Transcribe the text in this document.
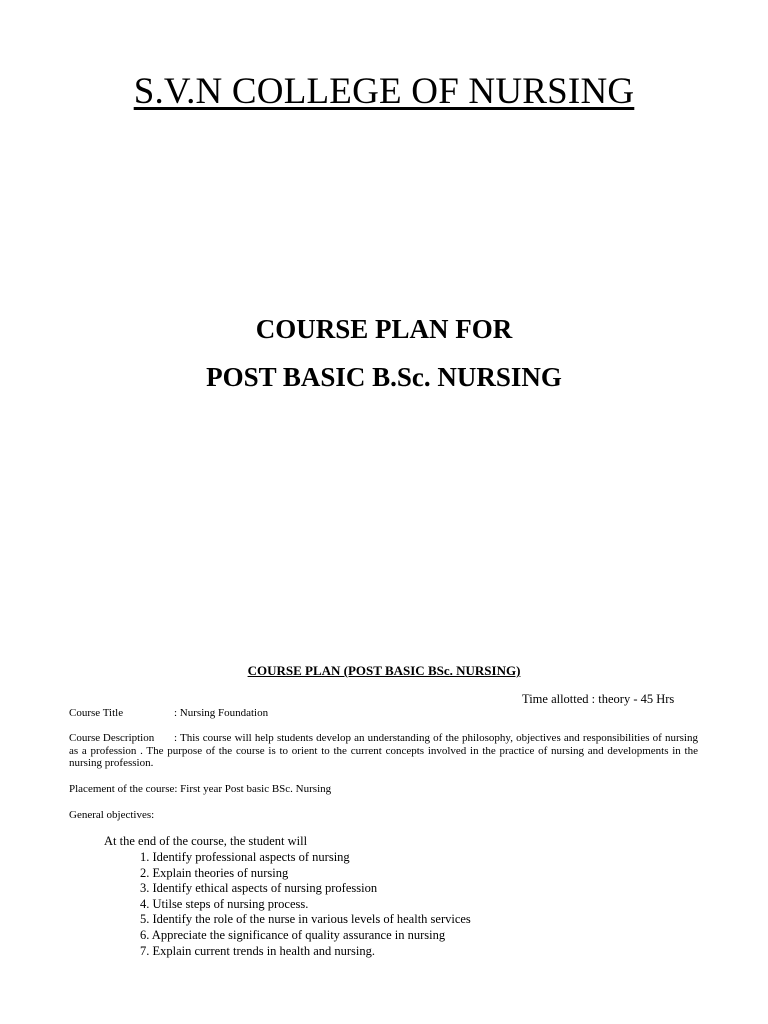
S.V.N COLLEGE OF NURSING
COURSE PLAN FOR
POST BASIC B.Sc. NURSING
COURSE PLAN (POST BASIC BSc. NURSING)
Time allotted : theory - 45 Hrs
Course Title	: Nursing Foundation
Course Description : This course will help students develop an understanding of the philosophy, objectives and responsibilities of nursing as a profession . The purpose of the course is to orient to the current concepts involved in the practice of nursing and developments in the nursing profession.
Placement of the course: First year Post basic BSc. Nursing
General objectives:
At the end of the course, the student will
1. Identify professional aspects of nursing
2. Explain theories of nursing
3. Identify ethical aspects of nursing profession
4. Utilse steps of nursing process.
5. Identify the role of the nurse in various levels of health services
6. Appreciate the significance of quality assurance in nursing
7. Explain current trends in health and nursing.
